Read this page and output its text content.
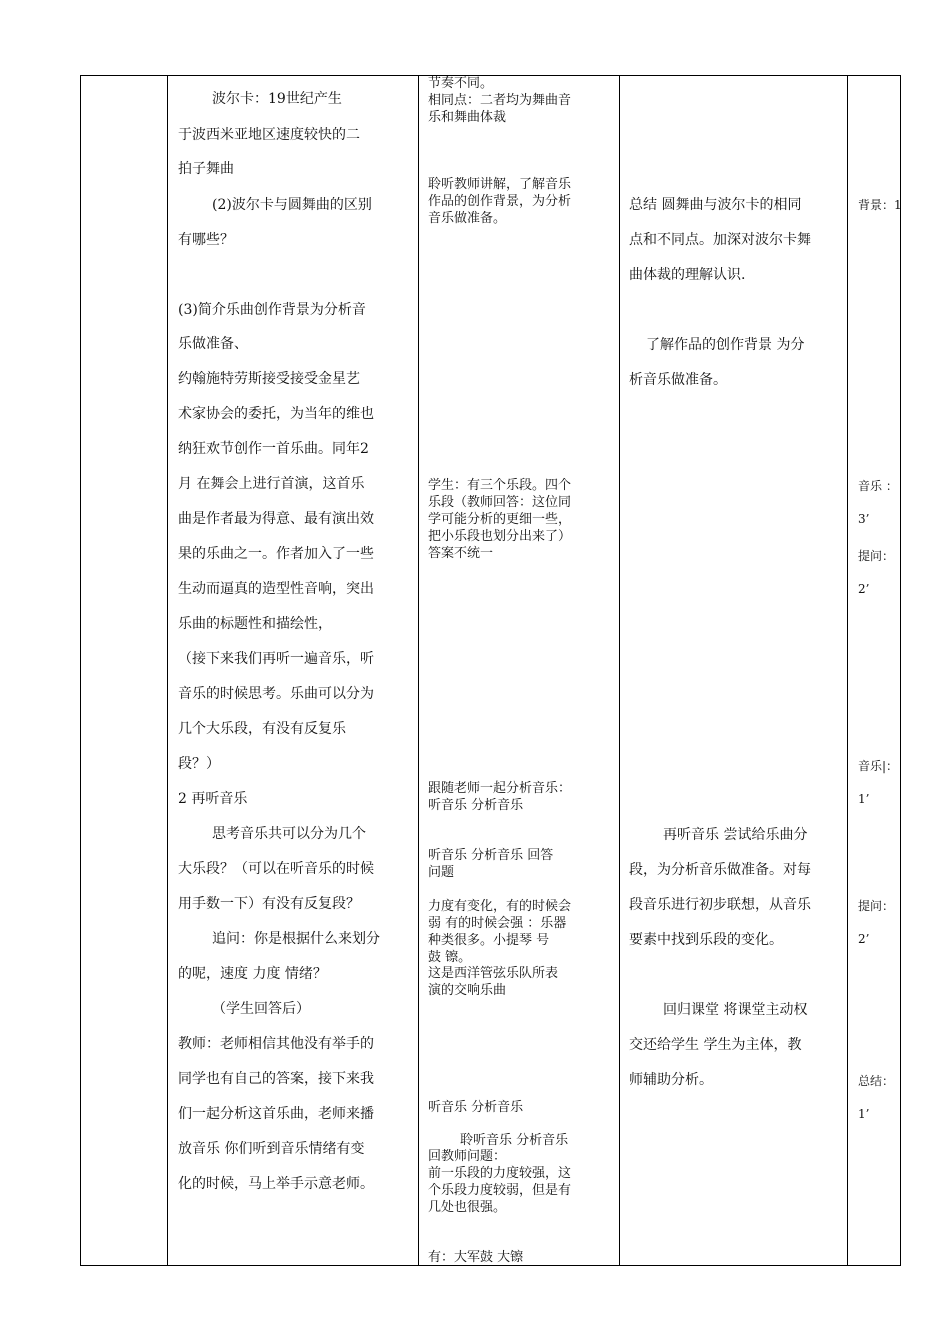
波尔卡：19世纪产生
于波西米亚地区速度较快的二
拍子舞曲
(2)波尔卡与圆舞曲的区别
有哪些？
(3)简介乐曲创作背景为分析音
乐做准备、
约翰施特劳斯接受接受金星艺
术家协会的委托，为当年的维也
纳狂欢节创作一首乐曲。同年2
月 在舞会上进行首演，这首乐
曲是作者最为得意、最有演出效
果的乐曲之一。作者加入了一些
生动而逼真的造型性音响，突出
乐曲的标题性和描绘性，
（接下来我们再听一遍音乐，听
音乐的时候思考。乐曲可以分为
几个大乐段，有没有反复乐
段？）
2 再听音乐
思考音乐共可以分为几个
大乐段？（可以在听音乐的时候
用手数一下）有没有反复段？
追问：你是根据什么来划分
的呢，速度 力度 情绪？
（学生回答后）
教师：老师相信其他没有举手的
同学也有自己的答案，接下来我
们一起分析这首乐曲，老师来播
放音乐 你们听到音乐情绪有变
化的时候，马上举手示意老师。
节奏不同。
相同点：二者均为舞曲音
乐和舞曲体裁
聆听教师讲解，了解音乐
作品的创作背景，为分析
音乐做准备。
学生：有三个乐段。四个
乐段（教师回答：这位同
学可能分析的更细一些，
把小乐段也划分出来了）
答案不统一
跟随老师一起分析音乐：
听音乐 分析音乐
听音乐 分析音乐 回答
问题
力度有变化，有的时候会
弱 有的时候会强 ：乐器
种类很多。小提琴 号
鼓 镲。
这是西洋管弦乐队所表
演的交响乐曲
听音乐 分析音乐
聆听音乐 分析音乐
回教师问题：
前一乐段的力度较强，这
个乐段力度较弱，但是有
几处也很强。
有：大军鼓 大镲
总结 圆舞曲与波尔卡的相同
点和不同点。加深对波尔卡舞
曲体裁的理解认识.
了解作品的创作背景 为分
析音乐做准备。
再听音乐 尝试给乐曲分
段，为分析音乐做准备。对每
段音乐进行初步联想，从音乐
要素中找到乐段的变化。
回归课堂 将课堂主动权
交还给学生 学生为主体，教
师辅助分析。
背景：1
音乐 ：
3’
提问：
2’
音乐|：
1’
提问：
2’
总结：
1’
